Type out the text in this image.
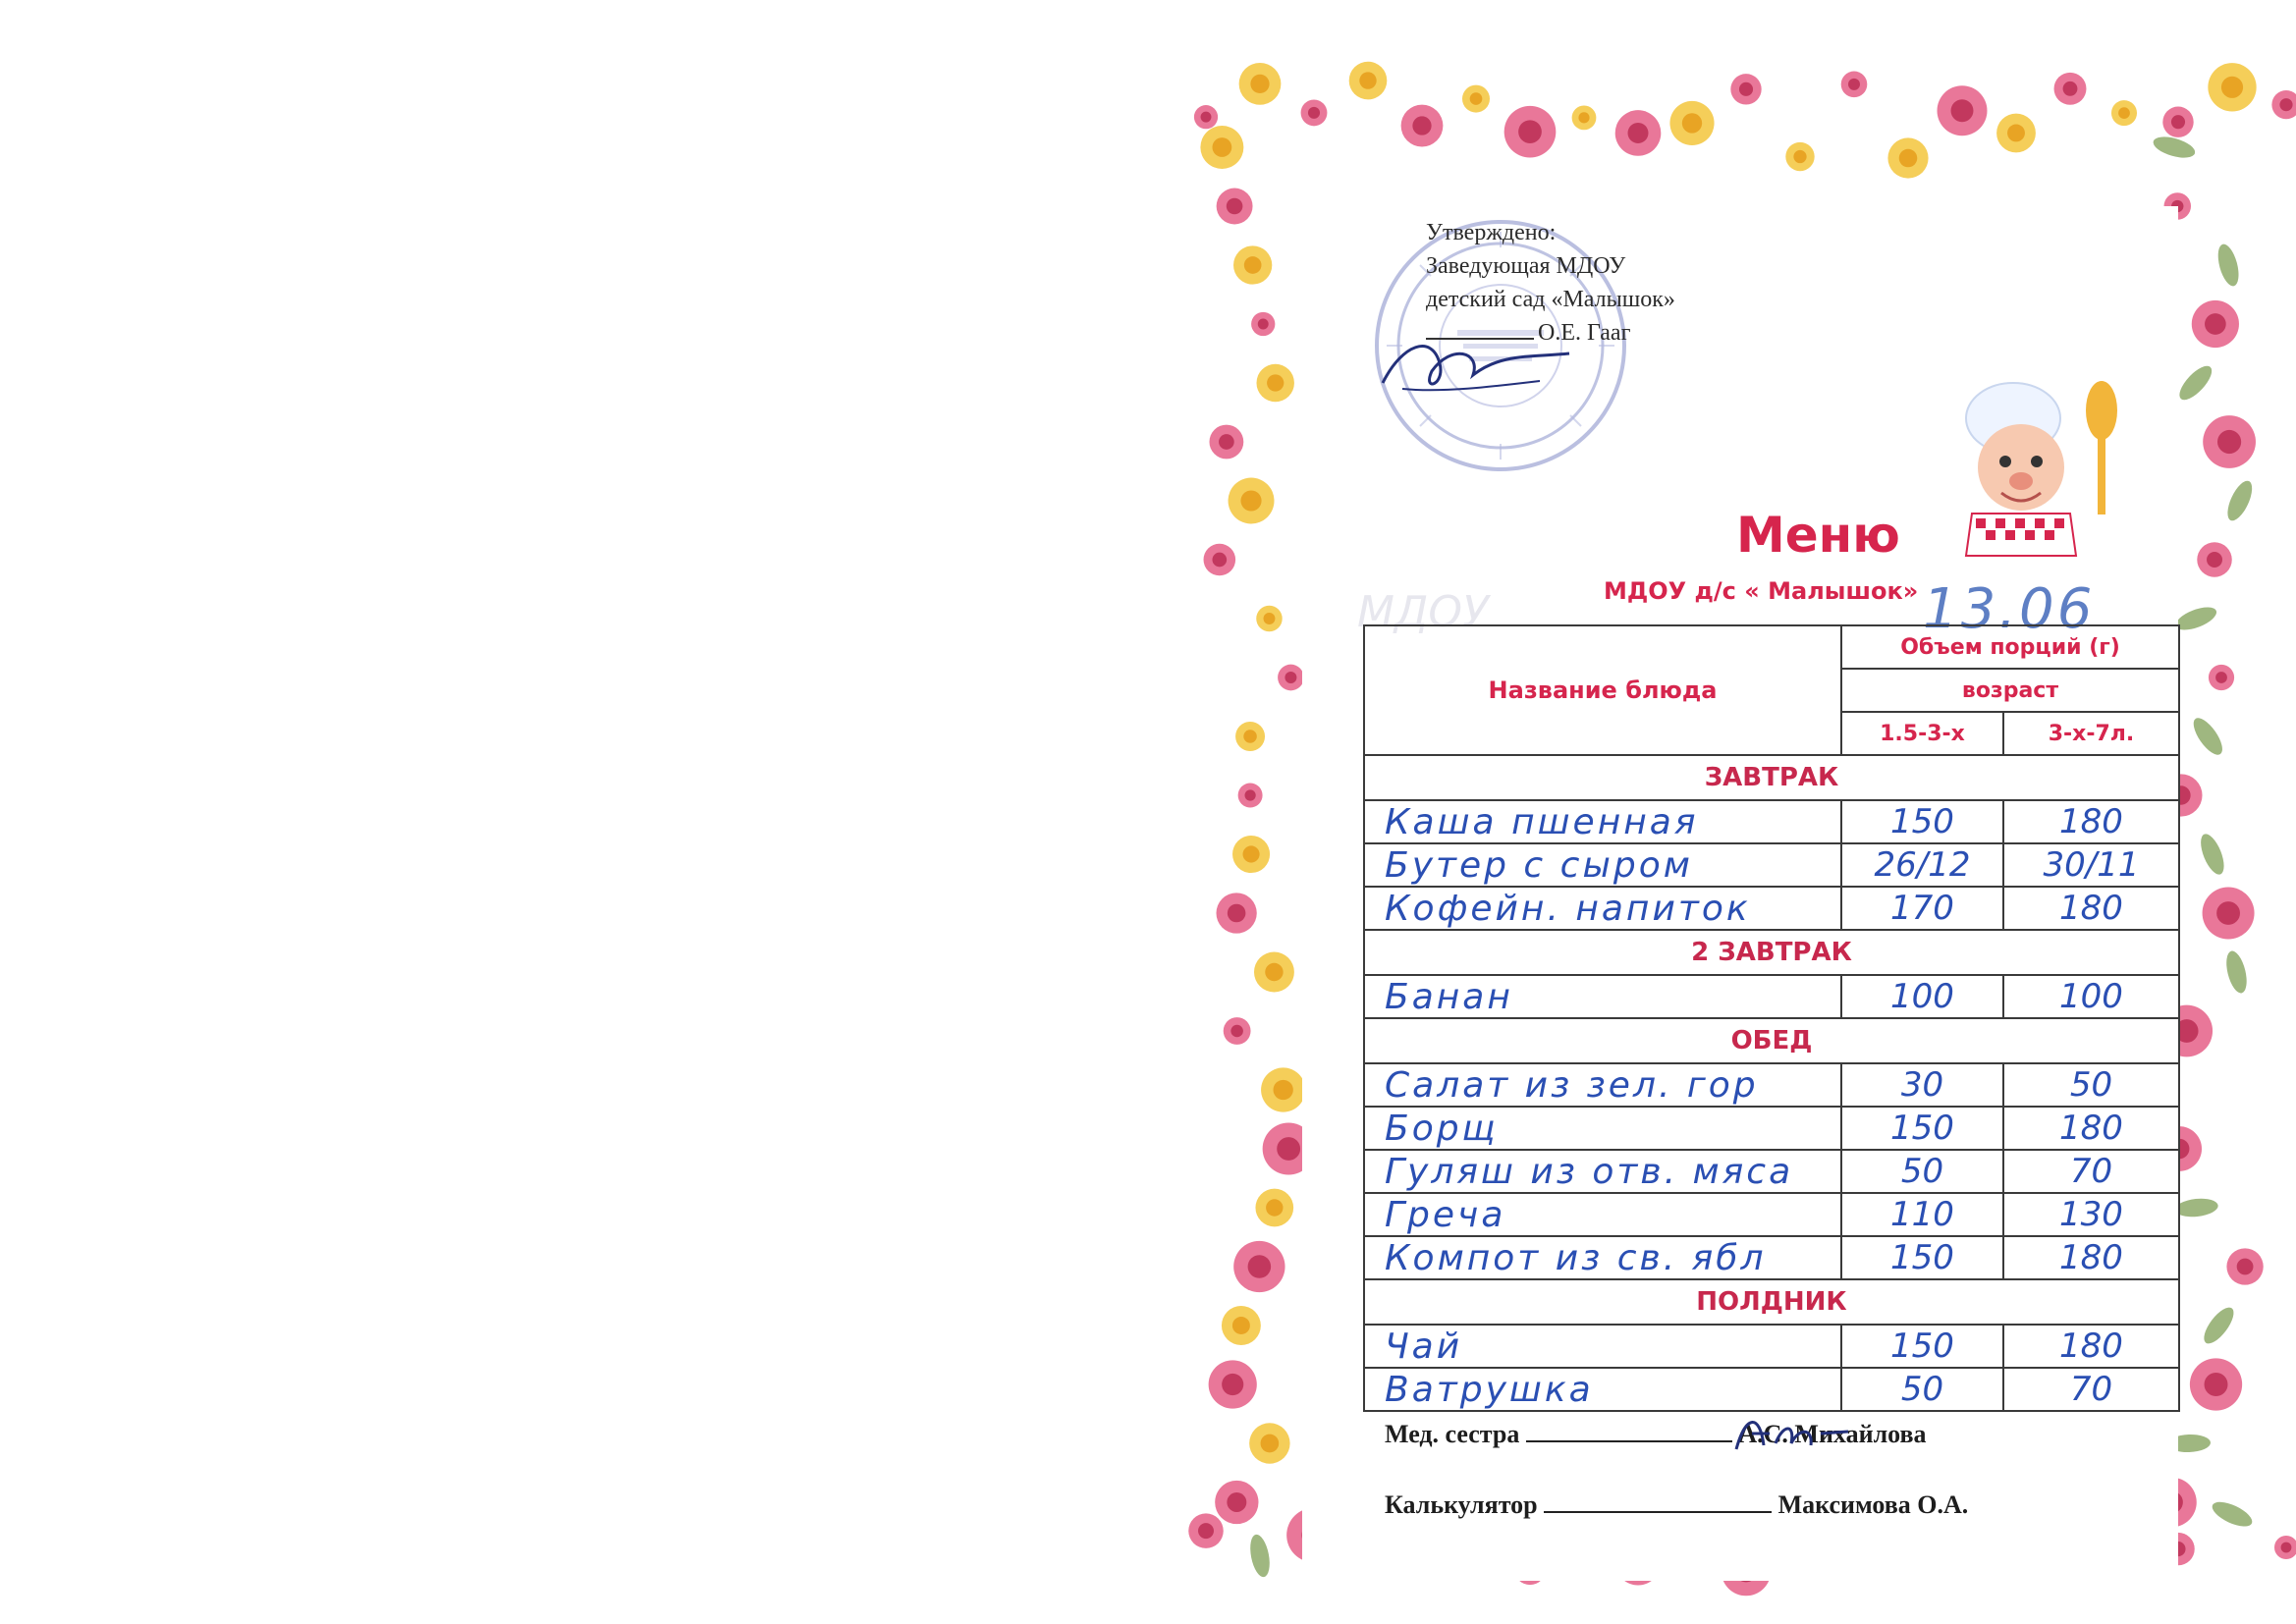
Утверждено:
Заведующая МДОУ
детский сад «Малышок»
О.Е. Гааг
МДОУ
Меню
МДОУ д/с « Малышок» 13.06
Название блюда	Объем порций (г)	
	возраст	
	1.5-3-х	3-х-7л.
ЗАВТРАК		
Каша пшенная	150	180
Бутер с сыром	26/12	30/11
Кофейн. напиток	170	180
2 ЗАВТРАК		
Банан	100	100
ОБЕД		
Салат из зел. гор	30	50
Борщ	150	180
Гуляш из отв. мяса	50	70
Греча	110	130
Компот из св. ябл	150	180
ПОЛДНИК		
Чай	150	180
Ватрушка	50	70
Мед. сестра	А.С. Михайлова
Калькулятор	Максимова О.А.
